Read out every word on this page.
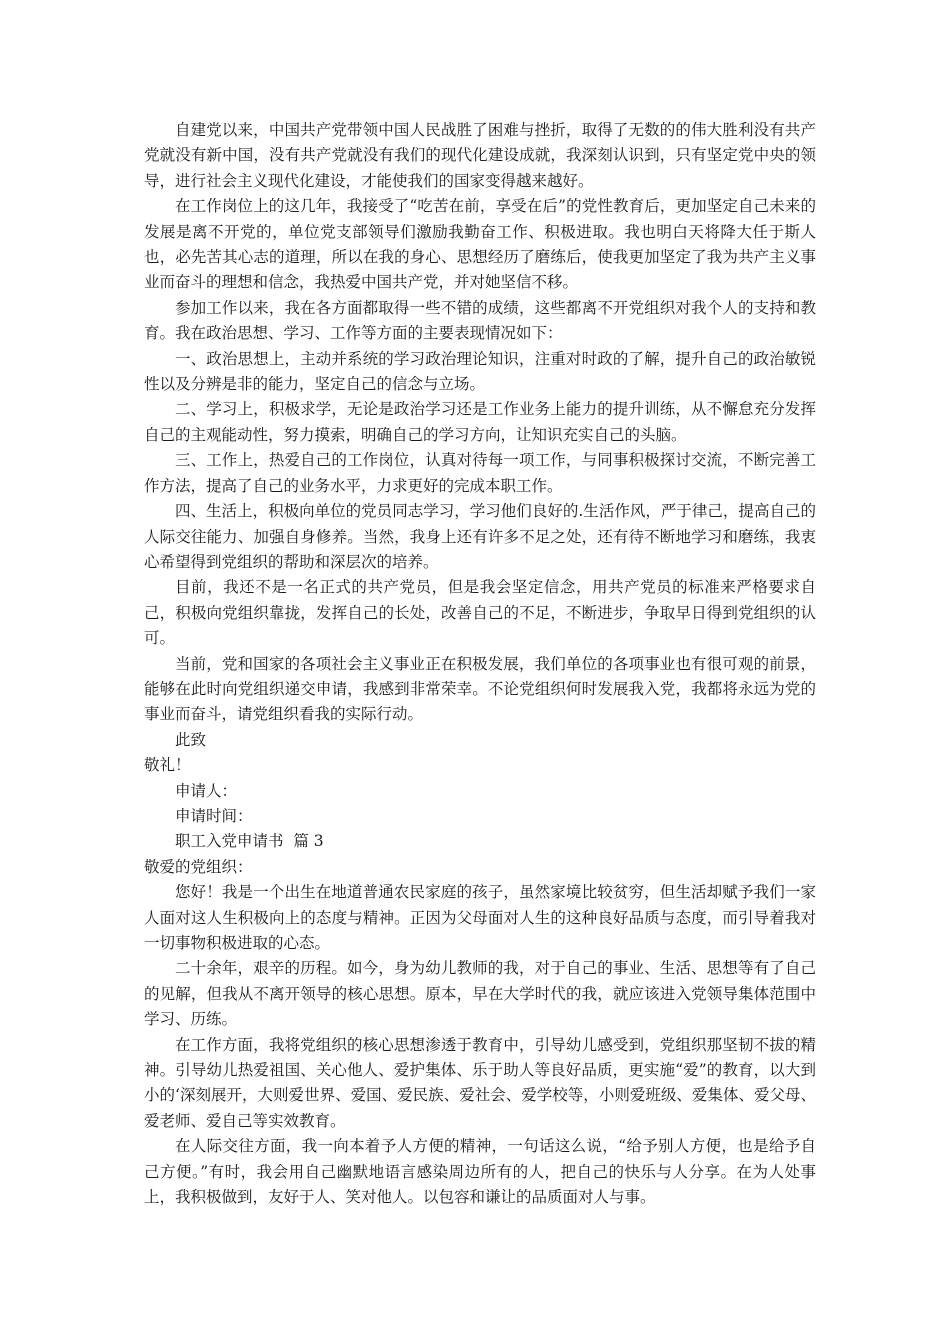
自建党以来，中国共产党带领中国人民战胜了困难与挫折，取得了无数的的伟大胜利没有共产党就没有新中国，没有共产党就没有我们的现代化建设成就，我深刻认识到，只有坚定党中央的领导，进行社会主义现代化建设，才能使我们的国家变得越来越好。

在工作岗位上的这几年，我接受了“吃苦在前，享受在后”的党性教育后，更加坚定自己未来的发展是离不开党的，单位党支部领导们激励我勤奋工作、积极进取。我也明白天将降大任于斯人也，必先苦其心志的道理，所以在我的身心、思想经历了磨练后，使我更加坚定了我为共产主义事业而奋斗的理想和信念，我热爱中国共产党，并对她坚信不移。

参加工作以来，我在各方面都取得一些不错的成绩，这些都离不开党组织对我个人的支持和教育。我在政治思想、学习、工作等方面的主要表现情况如下：

一、政治思想上，主动并系统的学习政治理论知识，注重对时政的了解，提升自己的政治敏锐性以及分辨是非的能力，坚定自己的信念与立场。

二、学习上，积极求学，无论是政治学习还是工作业务上能力的提升训练，从不懈怠充分发挥自己的主观能动性，努力摸索，明确自己的学习方向，让知识充实自己的头脑。

三、工作上，热爱自己的工作岗位，认真对待每一项工作，与同事积极探讨交流，不断完善工作方法，提高了自己的业务水平，力求更好的完成本职工作。

四、生活上，积极向单位的党员同志学习，学习他们良好的.生活作风，严于律己，提高自己的人际交往能力、加强自身修养。当然，我身上还有许多不足之处，还有待不断地学习和磨练，我衷心希望得到党组织的帮助和深层次的培养。

目前，我还不是一名正式的共产党员，但是我会坚定信念，用共产党员的标准来严格要求自己，积极向党组织靠拢，发挥自己的长处，改善自己的不足，不断进步，争取早日得到党组织的认可。

当前，党和国家的各项社会主义事业正在积极发展，我们单位的各项事业也有很可观的前景，能够在此时向党组织递交申请，我感到非常荣幸。不论党组织何时发展我入党，我都将永远为党的事业而奋斗，请党组织看我的实际行动。

此致

敬礼！

申请人：

申请时间：

职工入党申请书  篇 3

敬爱的党组织：

您好！我是一个出生在地道普通农民家庭的孩子，虽然家境比较贫穷，但生活却赋予我们一家人面对这人生积极向上的态度与精神。正因为父母面对人生的这种良好品质与态度，而引导着我对一切事物积极进取的心态。

二十余年，艰辛的历程。如今，身为幼儿教师的我，对于自己的事业、生活、思想等有了自己的见解，但我从不离开领导的核心思想。原本，早在大学时代的我，就应该进入党领导集体范围中学习、历练。

在工作方面，我将党组织的核心思想渗透于教育中，引导幼儿感受到，党组织那坚韧不拔的精神。引导幼儿热爱祖国、关心他人、爱护集体、乐于助人等良好品质，更实施“爱”的教育，以大到小的‘深刻展开，大则爱世界、爱国、爱民族、爱社会、爱学校等，小则爱班级、爱集体、爱父母、爱老师、爱自己等实效教育。

在人际交往方面，我一向本着予人方便的精神，一句话这么说，“给予别人方便，也是给予自己方便。”有时，我会用自己幽默地语言感染周边所有的人，把自己的快乐与人分享。在为人处事上，我积极做到，友好于人、笑对他人。以包容和谦让的品质面对人与事。
